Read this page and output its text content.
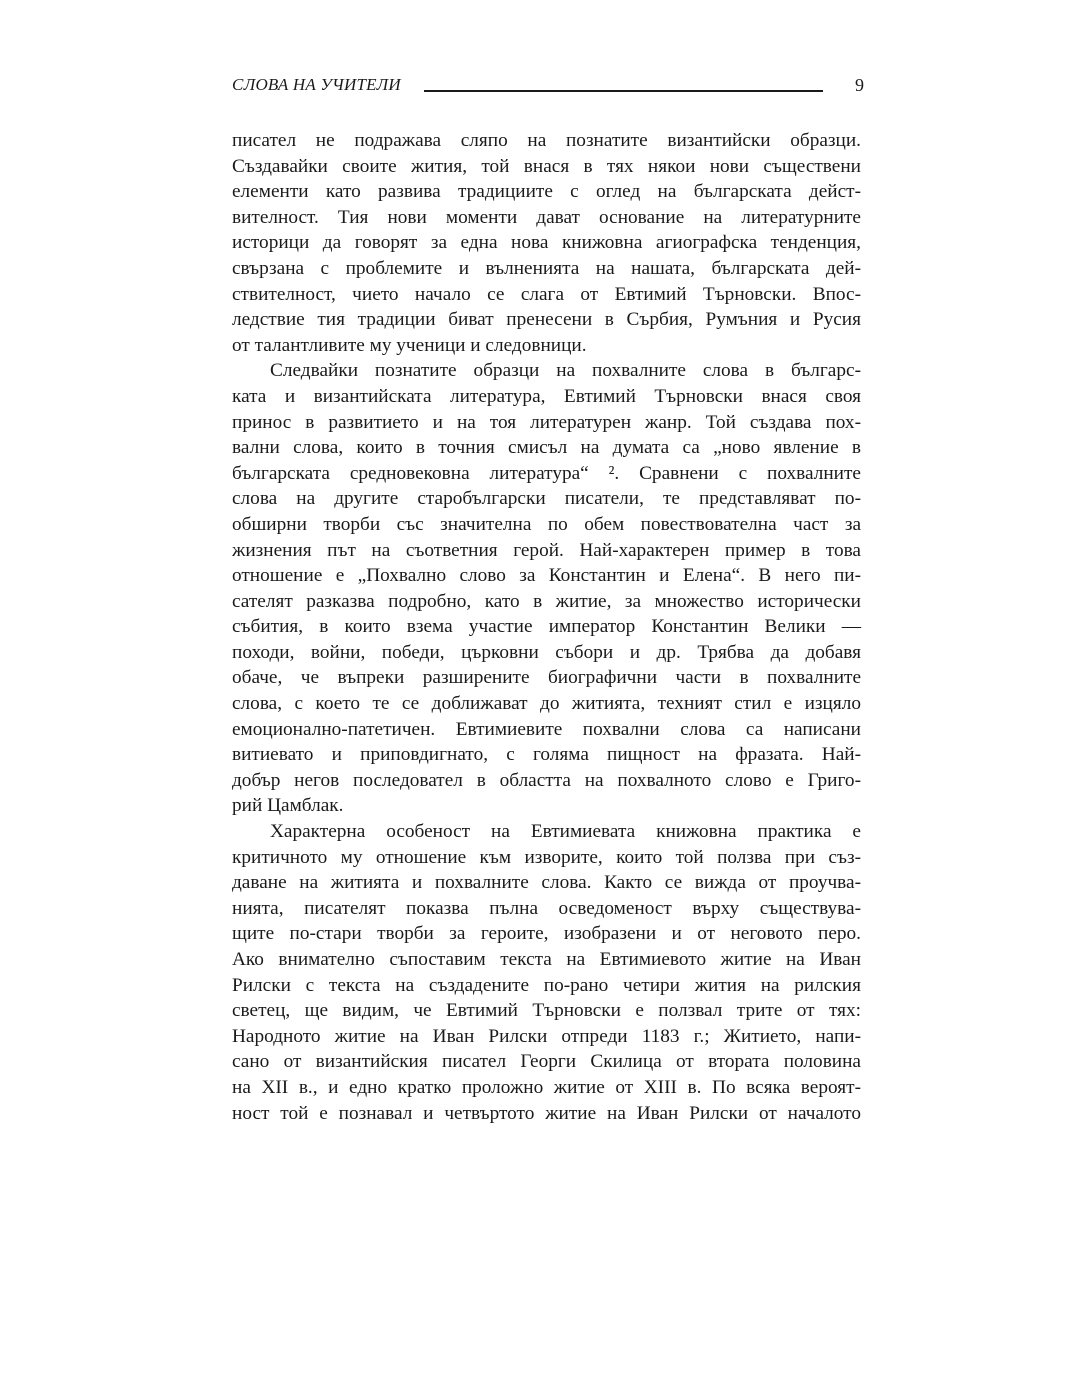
СЛОВА НА УЧИТЕЛИ	9
писател не подражава сляпо на познатите византийски образци.
Създавайки своите жития, той внася в тях някои нови съществени
елементи като развива традициите с оглед на българската дейст-
вителност. Тия нови моменти дават основание на литературните
историци да говорят за една нова книжовна агиографска тенденция,
свързана с проблемите и вълненията на нашата, българската дей-
ствителност, чието начало се слага от Евтимий Търновски. Впос-
ледствие тия традиции биват пренесени в Сърбия, Румъния и Русия
от талантливите му ученици и следовници.
Следвайки познатите образци на похвалните слова в българс-
ката и византийската литература, Евтимий Търновски внася своя
принос в развитието и на тоя литературен жанр. Той създава пох-
вални слова, които в точния смисъл на думата са „ново явление в
българската средновековна литература“ ². Сравнени с похвалните
слова на другите старобългарски писатели, те представляват по-
обширни творби със значителна по обем повествователна част за
жизнения път на съответния герой. Най-характерен пример в това
отношение е „Похвално слово за Константин и Елена“. В него пи-
сателят разказва подробно, като в житие, за множество исторически
събития, в които взема участие император Константин Велики —
походи, войни, победи, църковни събори и др. Трябва да добавя
обаче, че въпреки разширените биографични части в похвалните
слова, с което те се доближават до житията, техният стил е изцяло
емоционално-патетичен. Евтимиевите похвални слова са написани
витиевато и приповдигнато, с голяма пищност на фразата. Най-
добър негов последовател в областта на похвалното слово е Григо-
рий Цамблак.
Характерна особеност на Евтимиевата книжовна практика е
критичното му отношение към изворите, които той ползва при съз-
даване на житията и похвалните слова. Както се вижда от проучва-
нията, писателят показва пълна осведоменост върху съществува-
щите по-стари творби за героите, изобразени и от неговото перо.
Ако внимателно съпоставим текста на Евтимиевото житие на Иван
Рилски с текста на създадените по-рано четири жития на рилския
светец, ще видим, че Евтимий Търновски е ползвал трите от тях:
Народното житие на Иван Рилски отпреди 1183 г.; Житието, напи-
сано от византийския писател Георги Скилица от втората половина
на XII в., и едно кратко проложно житие от XIII в. По всяка вероят-
ност той е познавал и четвъртото житие на Иван Рилски от началото
